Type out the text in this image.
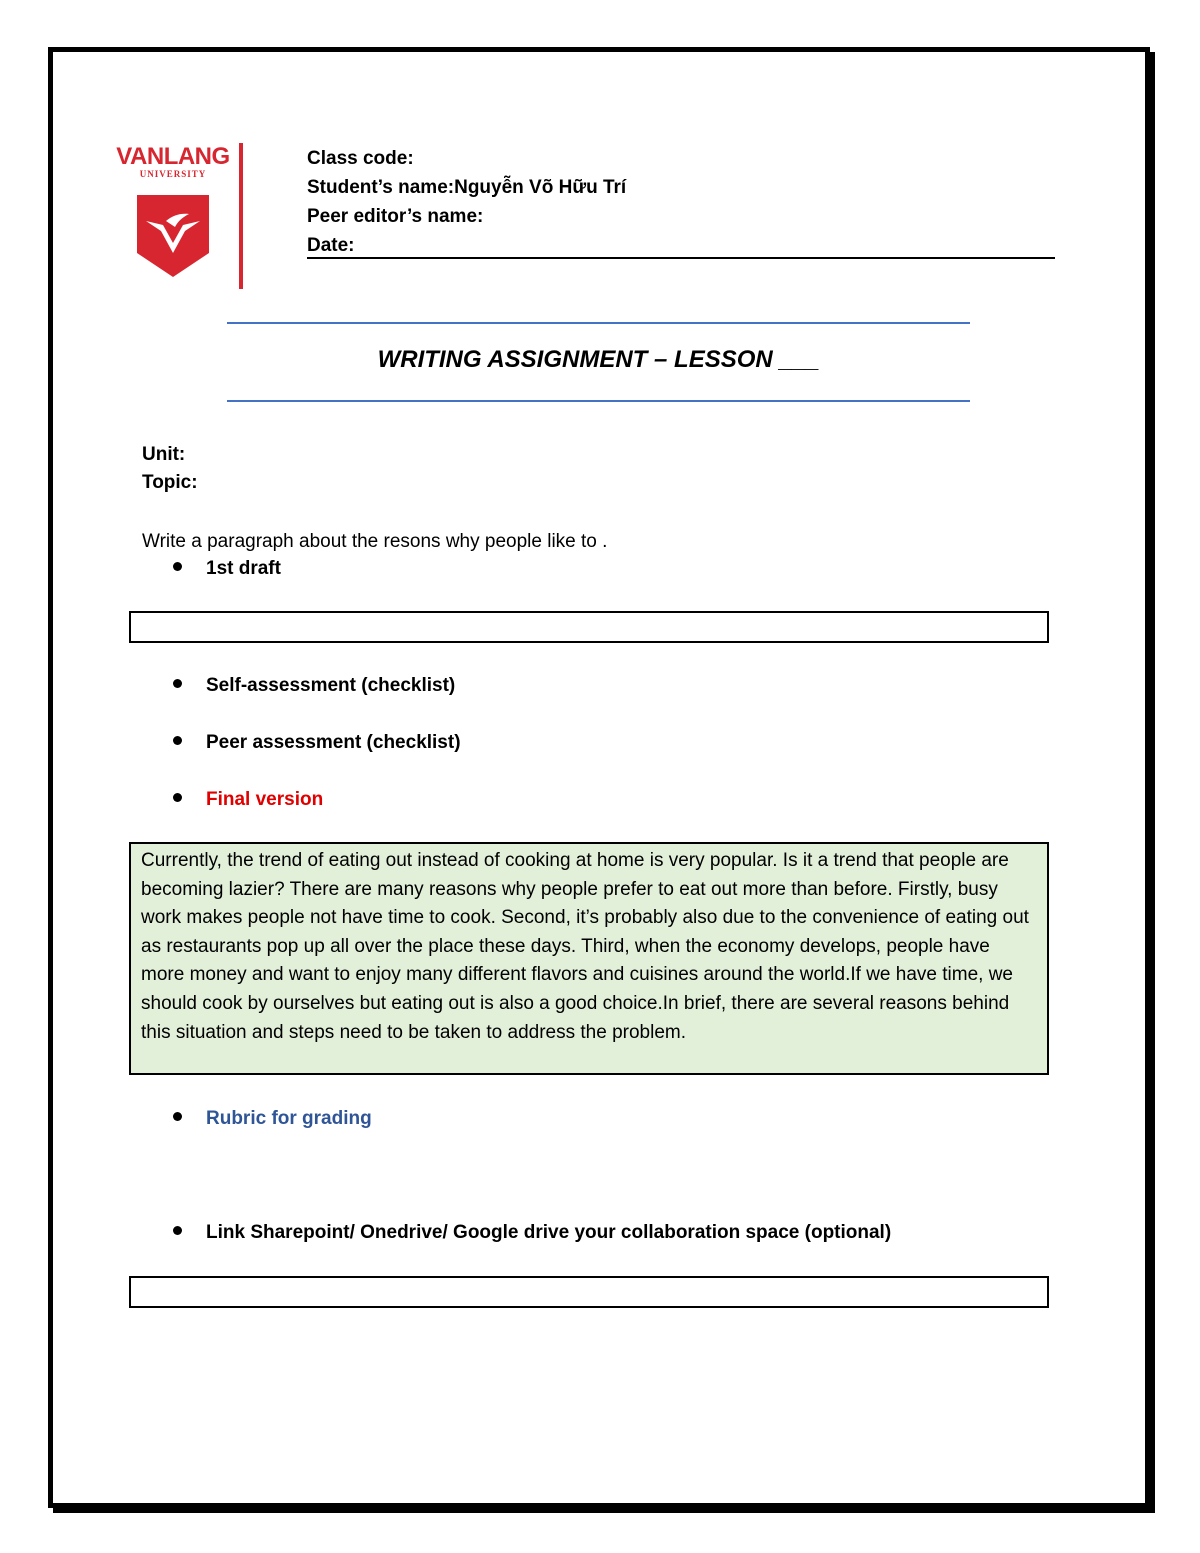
VANLANG
UNIVERSITY
Class code:
Student’s name:Nguyễn Võ Hữu Trí
Peer editor’s name:
Date:
WRITING ASSIGNMENT – LESSON ___
Unit:
Topic:
Write a paragraph about the resons why people like to .
1st draft
Self-assessment (checklist)
Peer assessment (checklist)
Final version
Currently, the trend of eating out instead of cooking at home is very popular. Is it a trend that people are becoming lazier? There are many reasons why people prefer to eat out more than before. Firstly, busy work makes people not have time to cook. Second, it’s probably also due to the convenience of eating out as restaurants pop up all over the place these days. Third, when the economy develops, people have more money and want to enjoy many different flavors and cuisines around the world.If we have time, we should cook by ourselves but eating out is also a good choice.In brief, there are several reasons behind this situation and steps need to be taken to address the problem.
Rubric for grading
Link Sharepoint/ Onedrive/ Google drive your collaboration space (optional)
